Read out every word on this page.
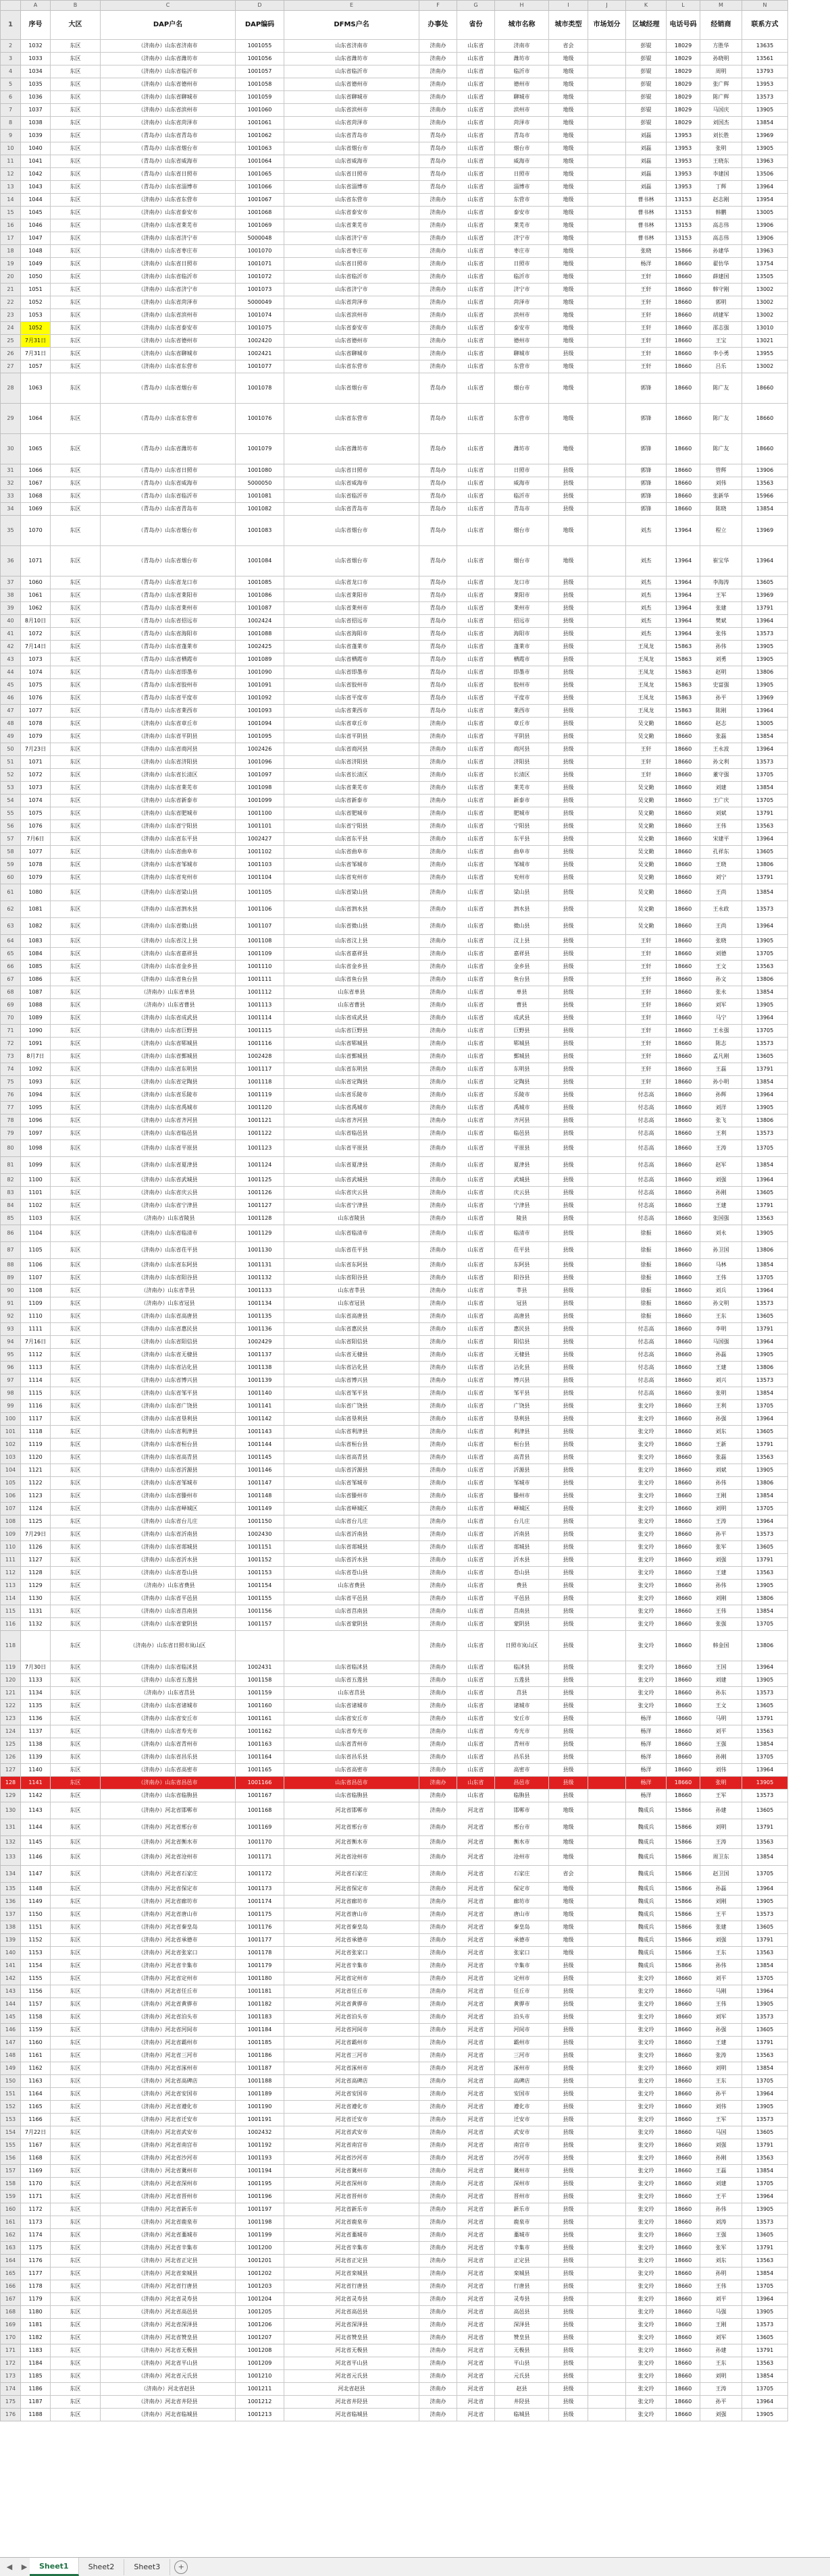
	A	B	C	D	E	F	G	H	I	J	K	L	M	N
1	序号	大区	DAP户名	DAP编码	DFMS户名	办事处	省份	城市名称	城市类型	市场划分	区域经理	电话号码	经销商	联系方式
2	1032	东区	（济南办）山东省济南市	1001055	山东省济南市	济南办	山东省	济南市	省会		彭锟	18029	方胜华	13635
3	1033	东区	（济南办）山东省潍坊市	1001056	山东省潍坊市	济南办	山东省	潍坊市	地级		彭锟	18029	孙晓明	13561
4	1034	东区	（济南办）山东省临沂市	1001057	山东省临沂市	济南办	山东省	临沂市	地级		彭锟	18029	周明	13793
5	1035	东区	（济南办）山东省德州市	1001058	山东省德州市	济南办	山东省	德州市	地级		彭锟	18029	张广辉	13953
6	1036	东区	（济南办）山东省聊城市	1001059	山东省聊城市	济南办	山东省	聊城市	地级		彭锟	18029	陈广辉	13573
7	1037	东区	（济南办）山东省滨州市	1001060	山东省滨州市	济南办	山东省	滨州市	地级		彭锟	18029	马国庆	13905
8	1038	东区	（济南办）山东省菏泽市	1001061	山东省菏泽市	济南办	山东省	菏泽市	地级		彭锟	18029	刘国杰	13854
9	1039	东区	（青岛办）山东省青岛市	1001062	山东省青岛市	青岛办	山东省	青岛市	地级		刘磊	13953	刘长胜	13969
10	1040	东区	（青岛办）山东省烟台市	1001063	山东省烟台市	青岛办	山东省	烟台市	地级		刘磊	13953	张明	13905
11	1041	东区	（青岛办）山东省威海市	1001064	山东省威海市	青岛办	山东省	威海市	地级		刘磊	13953	王晓东	13963
12	1042	东区	（青岛办）山东省日照市	1001065	山东省日照市	青岛办	山东省	日照市	地级		刘磊	13953	李建国	13506
13	1043	东区	（青岛办）山东省淄博市	1001066	山东省淄博市	青岛办	山东省	淄博市	地级		刘磊	13953	丁辉	13964
14	1044	东区	（济南办）山东省东营市	1001067	山东省东营市	济南办	山东省	东营市	地级		曹书林	13153	赵志刚	13954
15	1045	东区	（济南办）山东省泰安市	1001068	山东省泰安市	济南办	山东省	泰安市	地级		曹书林	13153	韩鹏	13005
16	1046	东区	（济南办）山东省莱芜市	1001069	山东省莱芜市	济南办	山东省	莱芜市	地级		曹书林	13153	高志伟	13906
17	1047	东区	（济南办）山东省济宁市	5000048	山东省济宁市	济南办	山东省	济宁市	地级		曹书林	13153	高志伟	13906
18	1048	东区	（济南办）山东省枣庄市	1001070	山东省枣庄市	济南办	山东省	枣庄市	地级		张晓	15866	孙建华	13963
19	1049	东区	（济南办）山东省日照市	1001071	山东省日照市	济南办	山东省	日照市	地级		杨洋	18660	翟仿华	13754
20	1050	东区	（济南办）山东省临沂市	1001072	山东省临沂市	济南办	山东省	临沂市	地级		王轩	18660	薛建国	13505
21	1051	东区	（济南办）山东省济宁市	1001073	山东省济宁市	济南办	山东省	济宁市	地级		王轩	18660	韩守刚	13002
22	1052	东区	（济南办）山东省菏泽市	5000049	山东省菏泽市	济南办	山东省	菏泽市	地级		王轩	18660	郭明	13002
23	1053	东区	（济南办）山东省滨州市	1001074	山东省滨州市	济南办	山东省	滨州市	地级		王轩	18660	胡建军	13002
24	1052	东区	（济南办）山东省泰安市	1001075	山东省泰安市	济南办	山东省	泰安市	地级		王轩	18660	邵志强	13010
25	7月31日	东区	（济南办）山东省德州市	1002420	山东省德州市	济南办	山东省	德州市	地级		王轩	18660	王宝	13021
26	7月31日	东区	（济南办）山东省聊城市	1002421	山东省聊城市	济南办	山东省	聊城市	县级		王轩	18660	李小勇	13955
27	1057	东区	（济南办）山东省东营市	1001077	山东省东营市	济南办	山东省	东营市	地级		王轩	18660	吕乐	13002
28	1063	东区	（青岛办）山东省烟台市	1001078	山东省烟台市	青岛办	山东省	烟台市	地级		郭锋	18660	陈广友	18660
29	1064	东区	（青岛办）山东省东营市	1001076	山东省东营市	青岛办	山东省	东营市	地级		郭锋	18660	陈广友	18660
30	1065	东区	（青岛办）山东省潍坊市	1001079	山东省潍坊市	青岛办	山东省	潍坊市	地级		郭锋	18660	陈广友	18660
31	1066	东区	（青岛办）山东省日照市	1001080	山东省日照市	青岛办	山东省	日照市	县级		郭锋	18660	管辉	13906
32	1067	东区	（青岛办）山东省威海市	5000050	山东省威海市	青岛办	山东省	威海市	县级		郭锋	18660	刘伟	13563
33	1068	东区	（青岛办）山东省临沂市	1001081	山东省临沂市	青岛办	山东省	临沂市	县级		郭锋	18660	张新华	15966
34	1069	东区	（青岛办）山东省青岛市	1001082	山东省青岛市	青岛办	山东省	青岛市	县级		郭锋	18660	陈晓	13854
35	1070	东区	（青岛办）山东省烟台市	1001083	山东省烟台市	青岛办	山东省	烟台市	地级		刘杰	13964	程立	13969
36	1071	东区	（青岛办）山东省烟台市	1001084	山东省烟台市	青岛办	山东省	烟台市	地级		刘杰	13964	崔宝华	13964
37	1060	东区	（青岛办）山东省龙口市	1001085	山东省龙口市	青岛办	山东省	龙口市	县级		刘杰	13964	李海涛	13605
38	1061	东区	（青岛办）山东省莱阳市	1001086	山东省莱阳市	青岛办	山东省	莱阳市	县级		刘杰	13964	王军	13969
39	1062	东区	（青岛办）山东省莱州市	1001087	山东省莱州市	青岛办	山东省	莱州市	县级		刘杰	13964	张建	13791
40	8月10日	东区	（青岛办）山东省招远市	1002424	山东省招远市	青岛办	山东省	招远市	县级		刘杰	13964	樊斌	13964
41	1072	东区	（青岛办）山东省海阳市	1001088	山东省海阳市	青岛办	山东省	海阳市	县级		刘杰	13964	张伟	13573
42	7月14日	东区	（青岛办）山东省蓬莱市	1002425	山东省蓬莱市	青岛办	山东省	蓬莱市	县级		王凤龙	15863	孙伟	13905
43	1073	东区	（青岛办）山东省栖霞市	1001089	山东省栖霞市	青岛办	山东省	栖霞市	县级		王凤龙	15863	刘勇	13905
44	1074	东区	（青岛办）山东省即墨市	1001090	山东省即墨市	青岛办	山东省	即墨市	县级		王凤龙	15863	赵明	13806
45	1075	东区	（青岛办）山东省胶州市	1001091	山东省胶州市	青岛办	山东省	胶州市	县级		王凤龙	15863	史富强	13905
46	1076	东区	（青岛办）山东省平度市	1001092	山东省平度市	青岛办	山东省	平度市	县级		王凤龙	15863	孙平	13969
47	1077	东区	（青岛办）山东省莱西市	1001093	山东省莱西市	青岛办	山东省	莱西市	县级		王凤龙	15863	陈刚	13964
48	1078	东区	（济南办）山东省章丘市	1001094	山东省章丘市	济南办	山东省	章丘市	县级		吴文勤	18660	赵志	13005
49	1079	东区	（济南办）山东省平阴县	1001095	山东省平阴县	济南办	山东省	平阴县	县级		吴文勤	18660	张磊	13854
50	7月23日	东区	（济南办）山东省商河县	1002426	山东省商河县	济南办	山东省	商河县	县级		王轩	18660	王永波	13964
51	1071	东区	（济南办）山东省济阳县	1001096	山东省济阳县	济南办	山东省	济阳县	县级		王轩	18660	孙文利	13573
52	1072	东区	（济南办）山东省长清区	1001097	山东省长清区	济南办	山东省	长清区	县级		王轩	18660	董守强	13705
53	1073	东区	（济南办）山东省莱芜市	1001098	山东省莱芜市	济南办	山东省	莱芜市	县级		吴文勤	18660	刘建	13854
54	1074	东区	（济南办）山东省新泰市	1001099	山东省新泰市	济南办	山东省	新泰市	县级		吴文勤	18660	王广庆	13705
55	1075	东区	（济南办）山东省肥城市	1001100	山东省肥城市	济南办	山东省	肥城市	县级		吴文勤	18660	刘斌	13791
56	1076	东区	（济南办）山东省宁阳县	1001101	山东省宁阳县	济南办	山东省	宁阳县	县级		吴文勤	18660	王伟	13563
57	7月6日	东区	（济南办）山东省东平县	1002427	山东省东平县	济南办	山东省	东平县	县级		吴文勤	18660	宋建平	13964
58	1077	东区	（济南办）山东省曲阜市	1001102	山东省曲阜市	济南办	山东省	曲阜市	县级		吴文勤	18660	孔祥东	13605
59	1078	东区	（济南办）山东省邹城市	1001103	山东省邹城市	济南办	山东省	邹城市	县级		吴文勤	18660	王晓	13806
60	1079	东区	（济南办）山东省兖州市	1001104	山东省兖州市	济南办	山东省	兖州市	县级		吴文勤	18660	刘宁	13791
61	1080	东区	（济南办）山东省梁山县	1001105	山东省梁山县	济南办	山东省	梁山县	县级		吴文勤	18660	王尚	13854
62	1081	东区	（济南办）山东省泗水县	1001106	山东省泗水县	济南办	山东省	泗水县	县级		吴文勤	18660	王永政	13573
63	1082	东区	（济南办）山东省微山县	1001107	山东省微山县	济南办	山东省	微山县	县级		吴文勤	18660	王尚	13964
64	1083	东区	（济南办）山东省汶上县	1001108	山东省汶上县	济南办	山东省	汶上县	县级		王轩	18660	张晓	13905
65	1084	东区	（济南办）山东省嘉祥县	1001109	山东省嘉祥县	济南办	山东省	嘉祥县	县级		王轩	18660	刘德	13705
66	1085	东区	（济南办）山东省金乡县	1001110	山东省金乡县	济南办	山东省	金乡县	县级		王轩	18660	王文	13563
67	1086	东区	（济南办）山东省鱼台县	1001111	山东省鱼台县	济南办	山东省	鱼台县	县级		王轩	18660	孙文	13806
68	1087	东区	（济南办）山东省单县	1001112	山东省单县	济南办	山东省	单县	县级		王轩	18660	张永	13854
69	1088	东区	（济南办）山东省曹县	1001113	山东省曹县	济南办	山东省	曹县	县级		王轩	18660	刘军	13905
70	1089	东区	（济南办）山东省成武县	1001114	山东省成武县	济南办	山东省	成武县	县级		王轩	18660	马宁	13964
71	1090	东区	（济南办）山东省巨野县	1001115	山东省巨野县	济南办	山东省	巨野县	县级		王轩	18660	王永强	13705
72	1091	东区	（济南办）山东省郓城县	1001116	山东省郓城县	济南办	山东省	郓城县	县级		王轩	18660	陈志	13573
73	8月7日	东区	（济南办）山东省鄄城县	1002428	山东省鄄城县	济南办	山东省	鄄城县	县级		王轩	18660	孟凡刚	13605
74	1092	东区	（济南办）山东省东明县	1001117	山东省东明县	济南办	山东省	东明县	县级		王轩	18660	王磊	13791
75	1093	东区	（济南办）山东省定陶县	1001118	山东省定陶县	济南办	山东省	定陶县	县级		王轩	18660	孙小明	13854
76	1094	东区	（济南办）山东省乐陵市	1001119	山东省乐陵市	济南办	山东省	乐陵市	县级		付志高	18660	孙辉	13964
77	1095	东区	（济南办）山东省禹城市	1001120	山东省禹城市	济南办	山东省	禹城市	县级		付志高	18660	刘洋	13905
78	1096	东区	（济南办）山东省齐河县	1001121	山东省齐河县	济南办	山东省	齐河县	县级		付志高	18660	张飞	13806
79	1097	东区	（济南办）山东省临邑县	1001122	山东省临邑县	济南办	山东省	临邑县	县级		付志高	18660	王利	13573
80	1098	东区	（济南办）山东省平原县	1001123	山东省平原县	济南办	山东省	平原县	县级		付志高	18660	王涛	13705
81	1099	东区	（济南办）山东省夏津县	1001124	山东省夏津县	济南办	山东省	夏津县	县级		付志高	18660	赵军	13854
82	1100	东区	（济南办）山东省武城县	1001125	山东省武城县	济南办	山东省	武城县	县级		付志高	18660	刘强	13964
83	1101	东区	（济南办）山东省庆云县	1001126	山东省庆云县	济南办	山东省	庆云县	县级		付志高	18660	孙刚	13605
84	1102	东区	（济南办）山东省宁津县	1001127	山东省宁津县	济南办	山东省	宁津县	县级		付志高	18660	王建	13791
85	1103	东区	（济南办）山东省陵县	1001128	山东省陵县	济南办	山东省	陵县	县级		付志高	18660	张国强	13563
86	1104	东区	（济南办）山东省临清市	1001129	山东省临清市	济南办	山东省	临清市	县级		徐振	18660	刘永	13905
87	1105	东区	（济南办）山东省茌平县	1001130	山东省茌平县	济南办	山东省	茌平县	县级		徐振	18660	孙卫国	13806
88	1106	东区	（济南办）山东省东阿县	1001131	山东省东阿县	济南办	山东省	东阿县	县级		徐振	18660	马林	13854
89	1107	东区	（济南办）山东省阳谷县	1001132	山东省阳谷县	济南办	山东省	阳谷县	县级		徐振	18660	王伟	13705
90	1108	东区	（济南办）山东省莘县	1001133	山东省莘县	济南办	山东省	莘县	县级		徐振	18660	刘兵	13964
91	1109	东区	（济南办）山东省冠县	1001134	山东省冠县	济南办	山东省	冠县	县级		徐振	18660	孙文明	13573
92	1110	东区	（济南办）山东省高唐县	1001135	山东省高唐县	济南办	山东省	高唐县	县级		徐振	18660	王东	13605
93	1111	东区	（济南办）山东省惠民县	1001136	山东省惠民县	济南办	山东省	惠民县	县级		付志高	18660	李明	13791
94	7月16日	东区	（济南办）山东省阳信县	1002429	山东省阳信县	济南办	山东省	阳信县	县级		付志高	18660	马国强	13964
95	1112	东区	（济南办）山东省无棣县	1001137	山东省无棣县	济南办	山东省	无棣县	县级		付志高	18660	孙磊	13905
96	1113	东区	（济南办）山东省沾化县	1001138	山东省沾化县	济南办	山东省	沾化县	县级		付志高	18660	王建	13806
97	1114	东区	（济南办）山东省博兴县	1001139	山东省博兴县	济南办	山东省	博兴县	县级		付志高	18660	刘兴	13573
98	1115	东区	（济南办）山东省邹平县	1001140	山东省邹平县	济南办	山东省	邹平县	县级		付志高	18660	张明	13854
99	1116	东区	（济南办）山东省广饶县	1001141	山东省广饶县	济南办	山东省	广饶县	县级		张文玲	18660	王利	13705
100	1117	东区	（济南办）山东省垦利县	1001142	山东省垦利县	济南办	山东省	垦利县	县级		张文玲	18660	孙强	13964
101	1118	东区	（济南办）山东省利津县	1001143	山东省利津县	济南办	山东省	利津县	县级		张文玲	18660	刘东	13605
102	1119	东区	（济南办）山东省桓台县	1001144	山东省桓台县	济南办	山东省	桓台县	县级		张文玲	18660	王新	13791
103	1120	东区	（济南办）山东省高青县	1001145	山东省高青县	济南办	山东省	高青县	县级		张文玲	18660	张磊	13563
104	1121	东区	（济南办）山东省沂源县	1001146	山东省沂源县	济南办	山东省	沂源县	县级		张文玲	18660	刘斌	13905
105	1122	东区	（济南办）山东省邹城市	1001147	山东省邹城市	济南办	山东省	邹城市	县级		张文玲	18660	孙伟	13806
106	1123	东区	（济南办）山东省滕州市	1001148	山东省滕州市	济南办	山东省	滕州市	县级		张文玲	18660	王刚	13854
107	1124	东区	（济南办）山东省峄城区	1001149	山东省峄城区	济南办	山东省	峄城区	县级		张文玲	18660	刘明	13705
108	1125	东区	（济南办）山东省台儿庄	1001150	山东省台儿庄	济南办	山东省	台儿庄	县级		张文玲	18660	王涛	13964
109	7月29日	东区	（济南办）山东省沂南县	1002430	山东省沂南县	济南办	山东省	沂南县	县级		张文玲	18660	孙平	13573
110	1126	东区	（济南办）山东省郯城县	1001151	山东省郯城县	济南办	山东省	郯城县	县级		张文玲	18660	张军	13605
111	1127	东区	（济南办）山东省沂水县	1001152	山东省沂水县	济南办	山东省	沂水县	县级		张文玲	18660	刘强	13791
112	1128	东区	（济南办）山东省苍山县	1001153	山东省苍山县	济南办	山东省	苍山县	县级		张文玲	18660	王建	13563
113	1129	东区	（济南办）山东省费县	1001154	山东省费县	济南办	山东省	费县	县级		张文玲	18660	孙伟	13905
114	1130	东区	（济南办）山东省平邑县	1001155	山东省平邑县	济南办	山东省	平邑县	县级		张文玲	18660	刘刚	13806
115	1131	东区	（济南办）山东省莒南县	1001156	山东省莒南县	济南办	山东省	莒南县	县级		张文玲	18660	王伟	13854
116	1132	东区	（济南办）山东省蒙阴县	1001157	山东省蒙阴县	济南办	山东省	蒙阴县	县级		张文玲	18660	张强	13705
118		东区	（济南办）山东省日照市岚山区			济南办	山东省	日照市岚山区	县级		张文玲	18660	韩金国	13806
119	7月30日	东区	（济南办）山东省临沭县	1002431	山东省临沭县	济南办	山东省	临沭县	县级		张文玲	18660	王国	13964
120	1133	东区	（济南办）山东省五莲县	1001158	山东省五莲县	济南办	山东省	五莲县	县级		张文玲	18660	刘建	13905
121	1134	东区	（济南办）山东省莒县	1001159	山东省莒县	济南办	山东省	莒县	县级		张文玲	18660	孙东	13573
122	1135	东区	（济南办）山东省诸城市	1001160	山东省诸城市	济南办	山东省	诸城市	县级		张文玲	18660	王文	13605
123	1136	东区	（济南办）山东省安丘市	1001161	山东省安丘市	济南办	山东省	安丘市	县级		杨洋	18660	马明	13791
124	1137	东区	（济南办）山东省寿光市	1001162	山东省寿光市	济南办	山东省	寿光市	县级		杨洋	18660	刘平	13563
125	1138	东区	（济南办）山东省青州市	1001163	山东省青州市	济南办	山东省	青州市	县级		杨洋	18660	王强	13854
126	1139	东区	（济南办）山东省昌乐县	1001164	山东省昌乐县	济南办	山东省	昌乐县	县级		杨洋	18660	孙刚	13705
127	1140	东区	（济南办）山东省高密市	1001165	山东省高密市	济南办	山东省	高密市	县级		杨洋	18660	刘伟	13964
128	1141	东区	（济南办）山东省昌邑市	1001166	山东省昌邑市	济南办	山东省	昌邑市	县级		杨洋	18660	张明	13905
129	1142	东区	（济南办）山东省临朐县	1001167	山东省临朐县	济南办	山东省	临朐县	县级		杨洋	18660	王军	13573
130	1143	东区	（济南办）河北省邯郸市	1001168	河北省邯郸市	济南办	河北省	邯郸市	地级		魏成兵	15866	孙建	13605
131	1144	东区	（济南办）河北省邢台市	1001169	河北省邢台市	济南办	河北省	邢台市	地级		魏成兵	15866	刘明	13791
132	1145	东区	（济南办）河北省衡水市	1001170	河北省衡水市	济南办	河北省	衡水市	地级		魏成兵	15866	王涛	13563
133	1146	东区	（济南办）河北省沧州市	1001171	河北省沧州市	济南办	河北省	沧州市	地级		魏成兵	15866	周卫东	13854
134	1147	东区	（济南办）河北省石家庄	1001172	河北省石家庄	济南办	河北省	石家庄	省会		魏成兵	15866	赵卫国	13705
135	1148	东区	（济南办）河北省保定市	1001173	河北省保定市	济南办	河北省	保定市	地级		魏成兵	15866	孙磊	13964
136	1149	东区	（济南办）河北省廊坊市	1001174	河北省廊坊市	济南办	河北省	廊坊市	地级		魏成兵	15866	刘刚	13905
137	1150	东区	（济南办）河北省唐山市	1001175	河北省唐山市	济南办	河北省	唐山市	地级		魏成兵	15866	王平	13573
138	1151	东区	（济南办）河北省秦皇岛	1001176	河北省秦皇岛	济南办	河北省	秦皇岛	地级		魏成兵	15866	张建	13605
139	1152	东区	（济南办）河北省承德市	1001177	河北省承德市	济南办	河北省	承德市	地级		魏成兵	15866	刘强	13791
140	1153	东区	（济南办）河北省张家口	1001178	河北省张家口	济南办	河北省	张家口	地级		魏成兵	15866	王东	13563
141	1154	东区	（济南办）河北省辛集市	1001179	河北省辛集市	济南办	河北省	辛集市	县级		魏成兵	15866	孙伟	13854
142	1155	东区	（济南办）河北省定州市	1001180	河北省定州市	济南办	河北省	定州市	县级		张文玲	18660	刘平	13705
143	1156	东区	（济南办）河北省任丘市	1001181	河北省任丘市	济南办	河北省	任丘市	县级		张文玲	18660	马刚	13964
144	1157	东区	（济南办）河北省黄骅市	1001182	河北省黄骅市	济南办	河北省	黄骅市	县级		张文玲	18660	王伟	13905
145	1158	东区	（济南办）河北省泊头市	1001183	河北省泊头市	济南办	河北省	泊头市	县级		张文玲	18660	刘军	13573
146	1159	东区	（济南办）河北省河间市	1001184	河北省河间市	济南办	河北省	河间市	县级		张文玲	18660	孙强	13605
147	1160	东区	（济南办）河北省霸州市	1001185	河北省霸州市	济南办	河北省	霸州市	县级		张文玲	18660	王建	13791
148	1161	东区	（济南办）河北省三河市	1001186	河北省三河市	济南办	河北省	三河市	县级		张文玲	18660	张涛	13563
149	1162	东区	（济南办）河北省涿州市	1001187	河北省涿州市	济南办	河北省	涿州市	县级		张文玲	18660	刘明	13854
150	1163	东区	（济南办）河北省高碑店	1001188	河北省高碑店	济南办	河北省	高碑店	县级		张文玲	18660	王东	13705
151	1164	东区	（济南办）河北省安国市	1001189	河北省安国市	济南办	河北省	安国市	县级		张文玲	18660	孙平	13964
152	1165	东区	（济南办）河北省遵化市	1001190	河北省遵化市	济南办	河北省	遵化市	县级		张文玲	18660	刘伟	13905
153	1166	东区	（济南办）河北省迁安市	1001191	河北省迁安市	济南办	河北省	迁安市	县级		张文玲	18660	王军	13573
154	7月22日	东区	（济南办）河北省武安市	1002432	河北省武安市	济南办	河北省	武安市	县级		张文玲	18660	马国	13605
155	1167	东区	（济南办）河北省南宫市	1001192	河北省南宫市	济南办	河北省	南宫市	县级		张文玲	18660	刘强	13791
156	1168	东区	（济南办）河北省沙河市	1001193	河北省沙河市	济南办	河北省	沙河市	县级		张文玲	18660	孙刚	13563
157	1169	东区	（济南办）河北省冀州市	1001194	河北省冀州市	济南办	河北省	冀州市	县级		张文玲	18660	王磊	13854
158	1170	东区	（济南办）河北省深州市	1001195	河北省深州市	济南办	河北省	深州市	县级		张文玲	18660	刘建	13705
159	1171	东区	（济南办）河北省晋州市	1001196	河北省晋州市	济南办	河北省	晋州市	县级		张文玲	18660	王平	13964
160	1172	东区	（济南办）河北省新乐市	1001197	河北省新乐市	济南办	河北省	新乐市	县级		张文玲	18660	孙伟	13905
161	1173	东区	（济南办）河北省鹿泉市	1001198	河北省鹿泉市	济南办	河北省	鹿泉市	县级		张文玲	18660	刘涛	13573
162	1174	东区	（济南办）河北省藁城市	1001199	河北省藁城市	济南办	河北省	藁城市	县级		张文玲	18660	王强	13605
163	1175	东区	（济南办）河北省辛集市	1001200	河北省辛集市	济南办	河北省	辛集市	县级		张文玲	18660	张军	13791
164	1176	东区	（济南办）河北省正定县	1001201	河北省正定县	济南办	河北省	正定县	县级		张文玲	18660	刘东	13563
165	1177	东区	（济南办）河北省栾城县	1001202	河北省栾城县	济南办	河北省	栾城县	县级		张文玲	18660	孙明	13854
166	1178	东区	（济南办）河北省行唐县	1001203	河北省行唐县	济南办	河北省	行唐县	县级		张文玲	18660	王伟	13705
167	1179	东区	（济南办）河北省灵寿县	1001204	河北省灵寿县	济南办	河北省	灵寿县	县级		张文玲	18660	刘平	13964
168	1180	东区	（济南办）河北省高邑县	1001205	河北省高邑县	济南办	河北省	高邑县	县级		张文玲	18660	马强	13905
169	1181	东区	（济南办）河北省深泽县	1001206	河北省深泽县	济南办	河北省	深泽县	县级		张文玲	18660	王刚	13573
170	1182	东区	（济南办）河北省赞皇县	1001207	河北省赞皇县	济南办	河北省	赞皇县	县级		张文玲	18660	刘军	13605
171	1183	东区	（济南办）河北省无极县	1001208	河北省无极县	济南办	河北省	无极县	县级		张文玲	18660	孙建	13791
172	1184	东区	（济南办）河北省平山县	1001209	河北省平山县	济南办	河北省	平山县	县级		张文玲	18660	王东	13563
173	1185	东区	（济南办）河北省元氏县	1001210	河北省元氏县	济南办	河北省	元氏县	县级		张文玲	18660	刘明	13854
174	1186	东区	（济南办）河北省赵县	1001211	河北省赵县	济南办	河北省	赵县	县级		张文玲	18660	王涛	13705
175	1187	东区	（济南办）河北省井陉县	1001212	河北省井陉县	济南办	河北省	井陉县	县级		张文玲	18660	孙平	13964
176	1188	东区	（济南办）河北省临城县	1001213	河北省临城县	济南办	河北省	临城县	县级		张文玲	18660	刘强	13905
◀	▶	Sheet1	Sheet2	Sheet3	+
